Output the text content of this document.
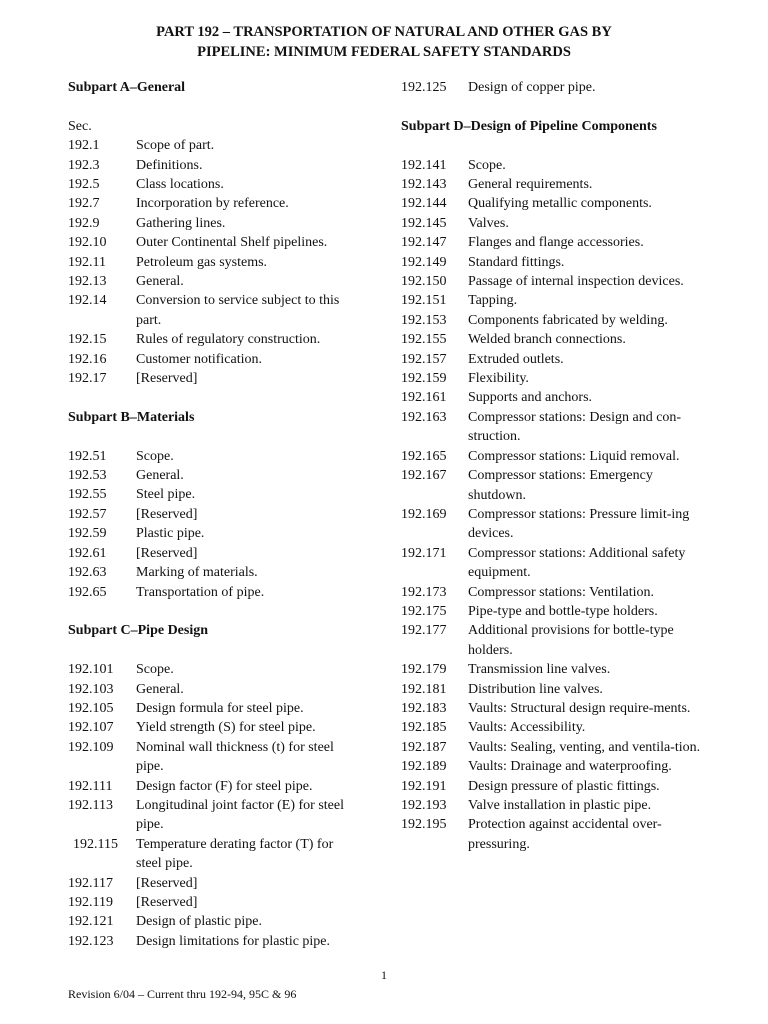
PART 192 – TRANSPORTATION OF NATURAL AND OTHER GAS BY
PIPELINE: MINIMUM FEDERAL SAFETY STANDARDS
Subpart A–General
Sec.
192.1	Scope of part.
192.3	Definitions.
192.5	Class locations.
192.7	Incorporation by reference.
192.9	Gathering lines.
192.10	Outer Continental Shelf pipelines.
192.11	Petroleum gas systems.
192.13	General.
192.14	Conversion to service subject to this part.
192.15	Rules of regulatory construction.
192.16	Customer notification.
192.17	[Reserved]
Subpart B–Materials
192.51	Scope.
192.53	General.
192.55	Steel pipe.
192.57	[Reserved]
192.59	Plastic pipe.
192.61	[Reserved]
192.63	Marking of materials.
192.65	Transportation of pipe.
Subpart C–Pipe Design
192.101	Scope.
192.103	General.
192.105	Design formula for steel pipe.
192.107	Yield strength (S) for steel pipe.
192.109	Nominal wall thickness (t) for steel pipe.
192.111	Design factor (F) for steel pipe.
192.113	Longitudinal joint factor (E) for steel pipe.
192.115	Temperature derating factor (T) for steel pipe.
192.117	[Reserved]
192.119	[Reserved]
192.121	Design of plastic pipe.
192.123	Design limitations for plastic pipe.
192.125	Design of copper pipe.
Subpart D–Design of Pipeline Components
192.141	Scope.
192.143	General requirements.
192.144	Qualifying metallic components.
192.145	Valves.
192.147	Flanges and flange accessories.
192.149	Standard fittings.
192.150	Passage of internal inspection devices.
192.151	Tapping.
192.153	Components fabricated by welding.
192.155	Welded branch connections.
192.157	Extruded outlets.
192.159	Flexibility.
192.161	Supports and anchors.
192.163	Compressor stations: Design and con-struction.
192.165	Compressor stations: Liquid removal.
192.167	Compressor stations: Emergency shutdown.
192.169	Compressor stations: Pressure limit-ing devices.
192.171	Compressor stations: Additional safety equipment.
192.173	Compressor stations: Ventilation.
192.175	Pipe-type and bottle-type holders.
192.177	Additional provisions for bottle-type holders.
192.179	Transmission line valves.
192.181	Distribution line valves.
192.183	Vaults: Structural design require-ments.
192.185	Vaults: Accessibility.
192.187	Vaults: Sealing, venting, and ventila-tion.
192.189	Vaults: Drainage and waterproofing.
192.191	Design pressure of plastic fittings.
192.193	Valve installation in plastic pipe.
192.195	Protection against accidental over-pressuring.
1
Revision 6/04 – Current thru 192-94, 95C & 96
